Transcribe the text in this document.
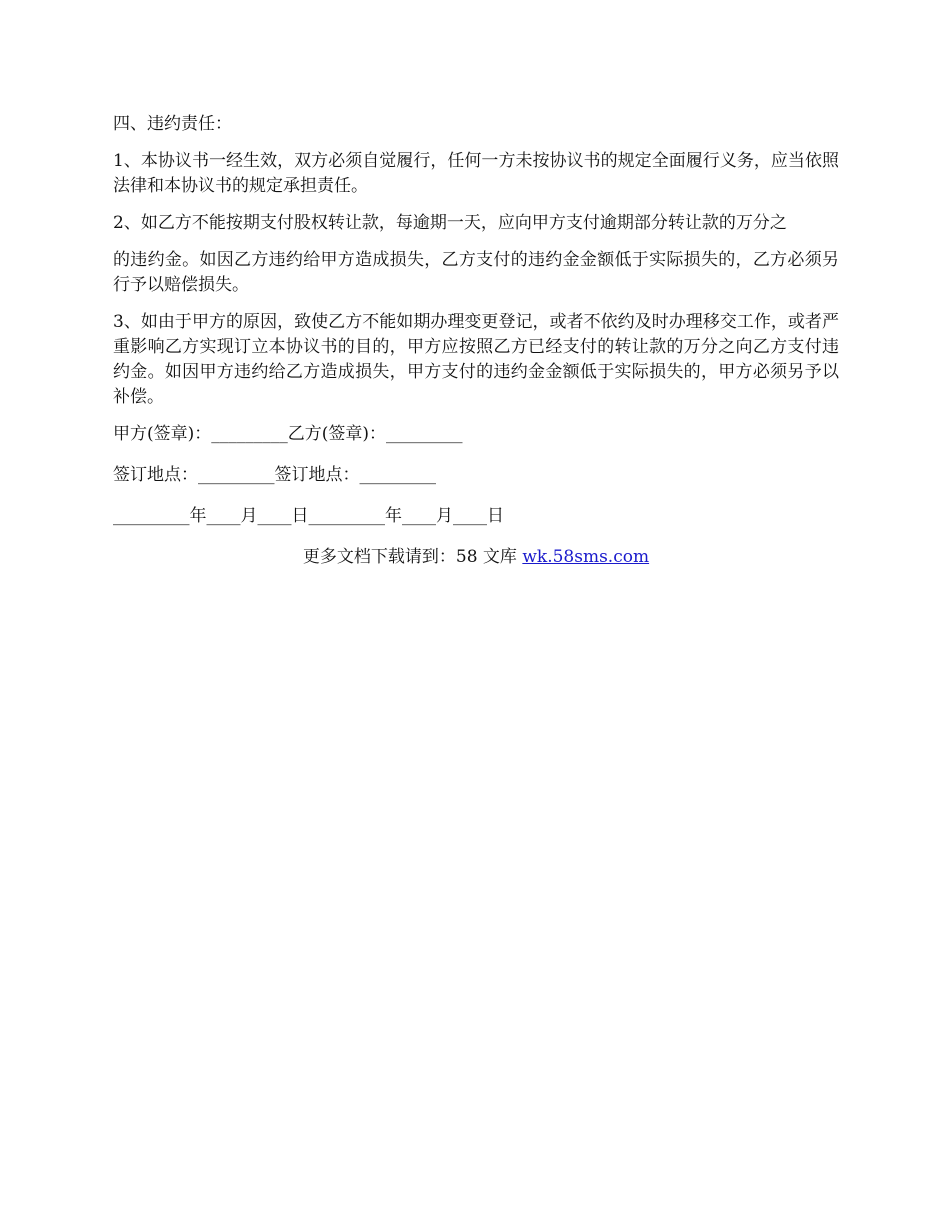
四、违约责任：

1、本协议书一经生效，双方必须自觉履行，任何一方未按协议书的规定全面履行义务，应当依照法律和本协议书的规定承担责任。

2、如乙方不能按期支付股权转让款，每逾期一天，应向甲方支付逾期部分转让款的万分之

的违约金。如因乙方违约给甲方造成损失，乙方支付的违约金金额低于实际损失的，乙方必须另行予以赔偿损失。

3、如由于甲方的原因，致使乙方不能如期办理变更登记，或者不依约及时办理移交工作，或者严重影响乙方实现订立本协议书的目的，甲方应按照乙方已经支付的转让款的万分之向乙方支付违约金。如因甲方违约给乙方造成损失，甲方支付的违约金金额低于实际损失的，甲方必须另予以补偿。

甲方(签章)：_________乙方(签章)：_________

签订地点：_________签订地点：_________

_________年____月____日_________年____月____日

更多文档下载请到：58 文库 wk.58sms.com
